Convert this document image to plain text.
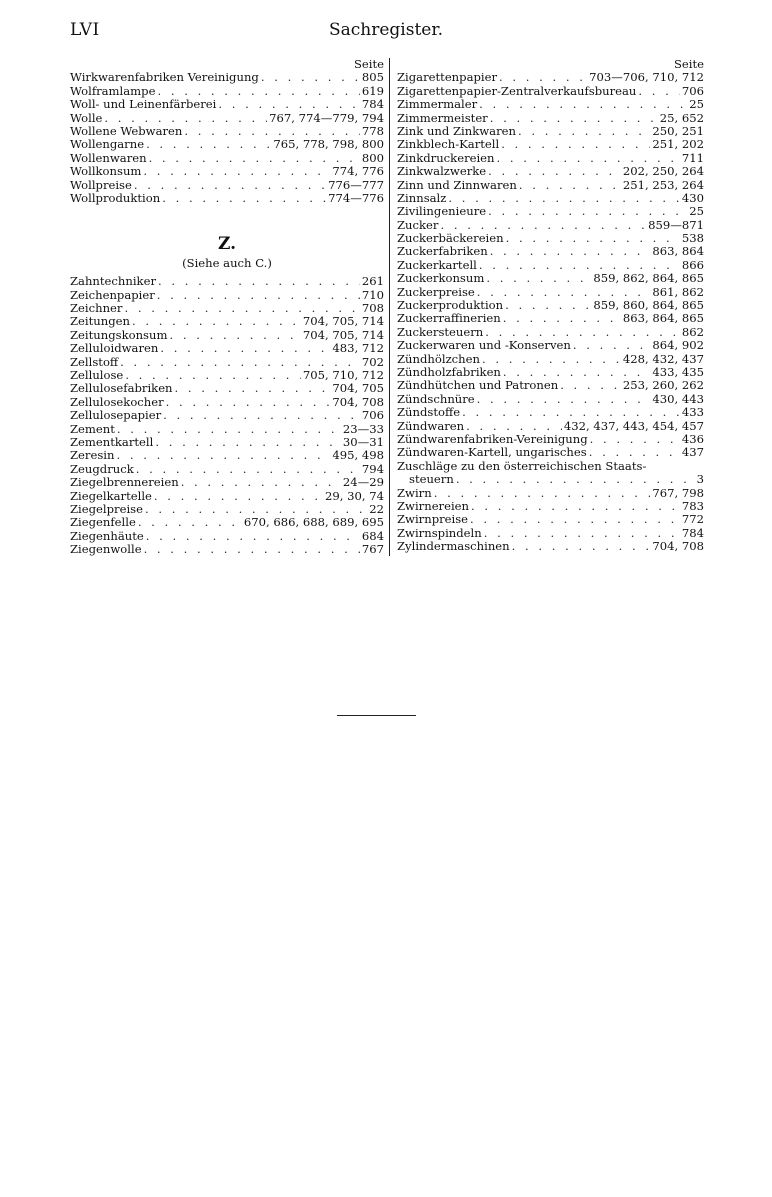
LVI	Sachregister.
Seite
Wirkwarenfabriken Vereinigung . . .	805
Wolframlampe . . .	619
Woll- und Leinenfärberei . . .	784
Wolle . . .	767, 774—779, 794
Wollene Webwaren . . .	778
Wollengarne . . .	765, 778, 798, 800
Wollenwaren . . .	800
Wollkonsum . . .	774, 776
Wollpreise . . .	776—777
Wollproduktion . . .	774—776
Z.
(Siehe auch C.)
Zahntechniker . . .	261
Zeichenpapier . . .	710
Zeichner . . .	708
Zeitungen . . .	704, 705, 714
Zeitungskonsum . . .	704, 705, 714
Zelluloidwaren . . .	483, 712
Zellstoff . . .	702
Zellulose . . .	705, 710, 712
Zellulosefabriken . . .	704, 705
Zellulosekocher . . .	704, 708
Zellulosepapier . . .	706
Zement . . .	23—33
Zementkartell . . .	30—31
Zeresin . . .	495, 498
Zeugdruck . . .	794
Ziegelbrennereien . . .	24—29
Ziegelkartelle . . .	29, 30, 74
Ziegelpreise . . .	22
Ziegenfelle . . .	670, 686, 688, 689, 695
Ziegenhäute . . .	684
Ziegenwolle . . .	767
Seite
Zigarettenpapier . . .	703—706, 710, 712
Zigarettenpapier-Zentralverkaufsbureau . . .	706
Zimmermaler . . .	25
Zimmermeister . . .	25, 652
Zink und Zinkwaren . . .	250, 251
Zinkblech-Kartell . . .	251, 202
Zinkdruckereien . . .	711
Zinkwalzwerke . . .	202, 250, 264
Zinn und Zinnwaren . . .	251, 253, 264
Zinnsalz . . .	430
Zivilingenieure . . .	25
Zucker . . .	859—871
Zuckerbäckereien . . .	538
Zuckerfabriken . . .	863, 864
Zuckerkartell . . .	866
Zuckerkonsum . . .	859, 862, 864, 865
Zuckerpreise . . .	861, 862
Zuckerproduktion . . .	859, 860, 864, 865
Zuckerraffinerien . . .	863, 864, 865
Zuckersteuern . . .	862
Zuckerwaren und -Konserven . . .	864, 902
Zündhölzchen . . .	428, 432, 437
Zündholzfabriken . . .	433, 435
Zündhütchen und Patronen . . .	253, 260, 262
Zündschnüre . . .	430, 443
Zündstoffe . . .	433
Zündwaren . . .	432, 437, 443, 454, 457
Zündwarenfabriken-Vereinigung . . .	436
Zündwaren-Kartell, ungarisches . . .	437
Zuschläge zu den österreichischen Staats-
steuern . . .	3
Zwirn . . .	767, 798
Zwirnereien . . .	783
Zwirnpreise . . .	772
Zwirnspindeln . . .	784
Zylindermaschinen . . .	704, 708
